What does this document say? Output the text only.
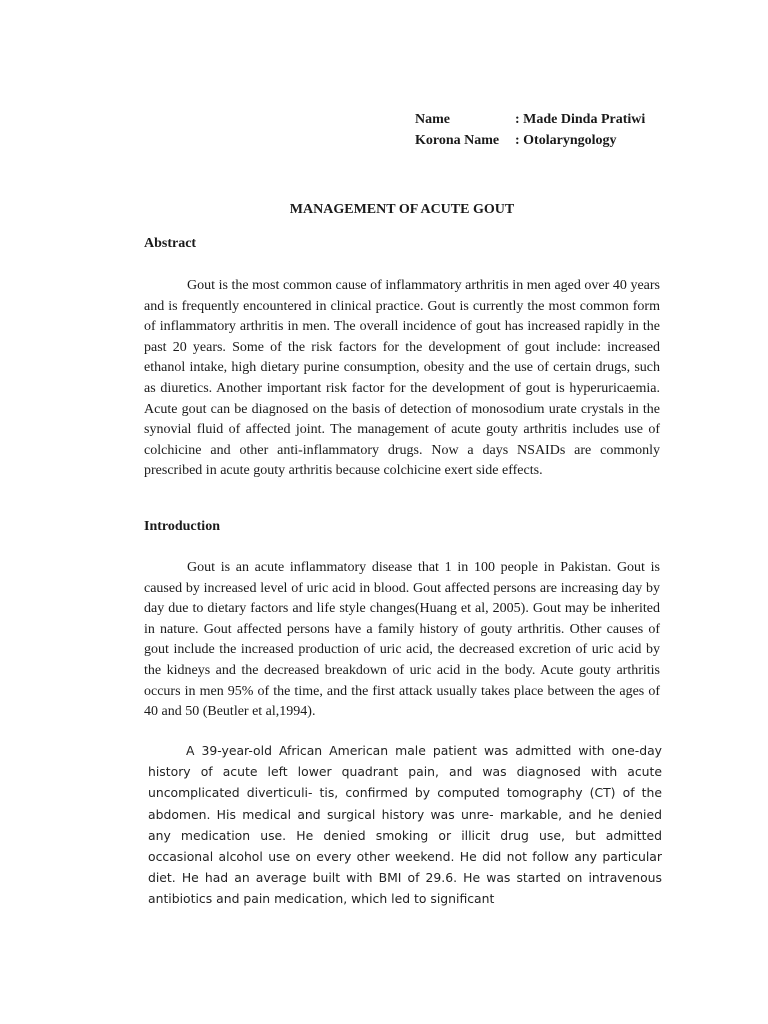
Name	: Made Dinda Pratiwi
Korona Name	: Otolaryngology
MANAGEMENT OF ACUTE GOUT
Abstract

Gout is the most common cause of inflammatory arthritis in men aged over 40 years and is frequently encountered in clinical practice. Gout is currently the most common form of inflammatory arthritis in men. The overall incidence of gout has increased rapidly in the past 20 years. Some of the risk factors for the development of gout include: increased ethanol intake, high dietary purine consumption, obesity and the use of certain drugs, such as diuretics. Another important risk factor for the development of gout is hyperuricaemia. Acute gout can be diagnosed on the basis of detection of monosodium urate crystals in the synovial fluid of affected joint. The management of acute gouty arthritis includes use of colchicine and other anti-inflammatory drugs. Now a days NSAIDs are commonly prescribed in acute gouty arthritis because colchicine exert side effects.

Introduction

Gout is an acute inflammatory disease that 1 in 100 people in Pakistan. Gout is caused by increased level of uric acid in blood. Gout affected persons are increasing day by day due to dietary factors and life style changes(Huang et al, 2005). Gout may be inherited in nature. Gout affected persons have a family history of gouty arthritis. Other causes of gout include the increased production of uric acid, the decreased excretion of uric acid by the kidneys and the decreased breakdown of uric acid in the body. Acute gouty arthritis occurs in men 95% of the time, and the first attack usually takes place between the ages of 40 and 50 (Beutler et al,1994).

A 39-year-old African American male patient was admitted with one-day history of acute left lower quadrant pain, and was diagnosed with acute uncomplicated diverticuli- tis, confirmed by computed tomography (CT) of the abdomen. His medical and surgical history was unre- markable, and he denied any medication use. He denied smoking or illicit drug use, but admitted occasional alcohol use on every other weekend. He did not follow any particular diet. He had an average built with BMI of 29.6. He was started on intravenous antibiotics and pain medication, which led to significant
